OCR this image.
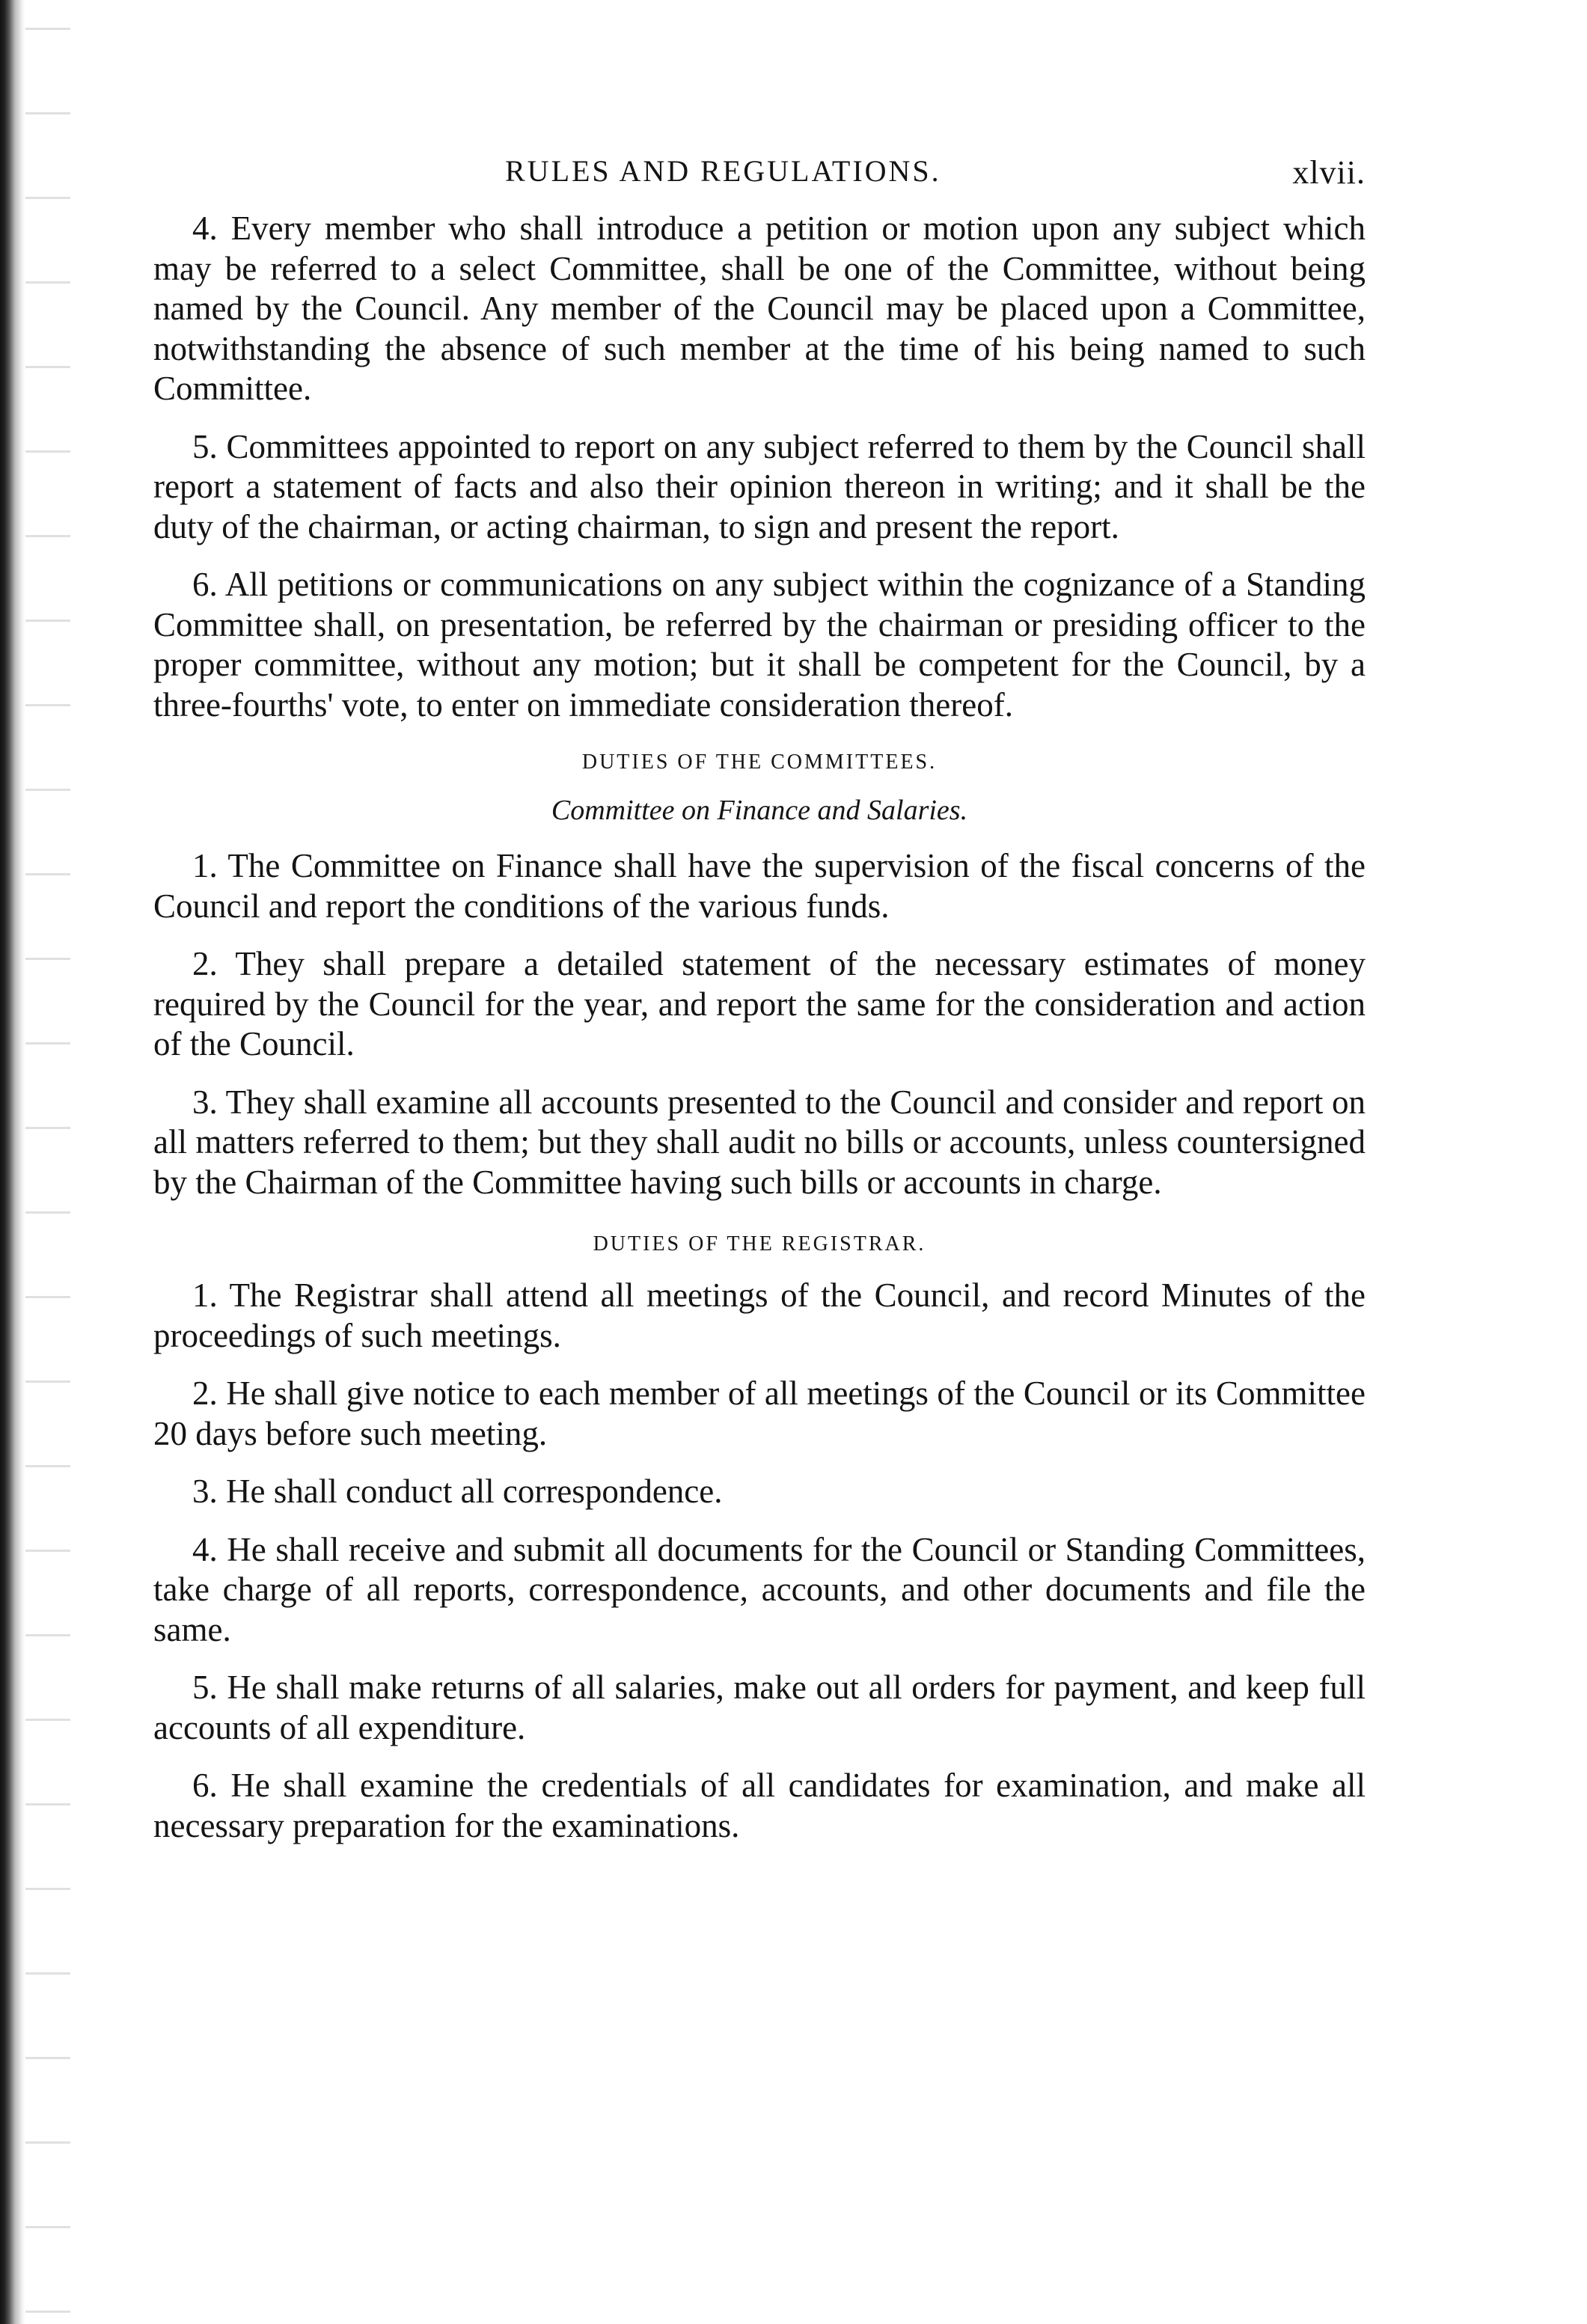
RULES AND REGULATIONS.	xlvii.

4. Every member who shall introduce a petition or motion upon any subject which may be referred to a select Committee, shall be one of the Committee, without being named by the Council. Any member of the Council may be placed upon a Committee, notwithstanding the absence of such member at the time of his being named to such Committee.

5. Committees appointed to report on any subject referred to them by the Council shall report a statement of facts and also their opinion thereon in writing; and it shall be the duty of the chairman, or acting chairman, to sign and present the report.

6. All petitions or communications on any subject within the cognizance of a Standing Committee shall, on presentation, be referred by the chairman or presiding officer to the proper committee, without any motion; but it shall be competent for the Council, by a three-fourths' vote, to enter on immediate consideration thereof.

DUTIES OF THE COMMITTEES.
Committee on Finance and Salaries.

1. The Committee on Finance shall have the supervision of the fiscal concerns of the Council and report the conditions of the various funds.

2. They shall prepare a detailed statement of the necessary estimates of money required by the Council for the year, and report the same for the consideration and action of the Council.

3. They shall examine all accounts presented to the Council and consider and report on all matters referred to them; but they shall audit no bills or accounts, unless countersigned by the Chairman of the Committee having such bills or accounts in charge.

DUTIES OF THE REGISTRAR.

1. The Registrar shall attend all meetings of the Council, and record Minutes of the proceedings of such meetings.

2. He shall give notice to each member of all meetings of the Council or its Committee 20 days before such meeting.

3. He shall conduct all correspondence.

4. He shall receive and submit all documents for the Council or Standing Committees, take charge of all reports, correspondence, accounts, and other documents and file the same.

5. He shall make returns of all salaries, make out all orders for payment, and keep full accounts of all expenditure.

6. He shall examine the credentials of all candidates for examination, and make all necessary preparation for the examinations.
